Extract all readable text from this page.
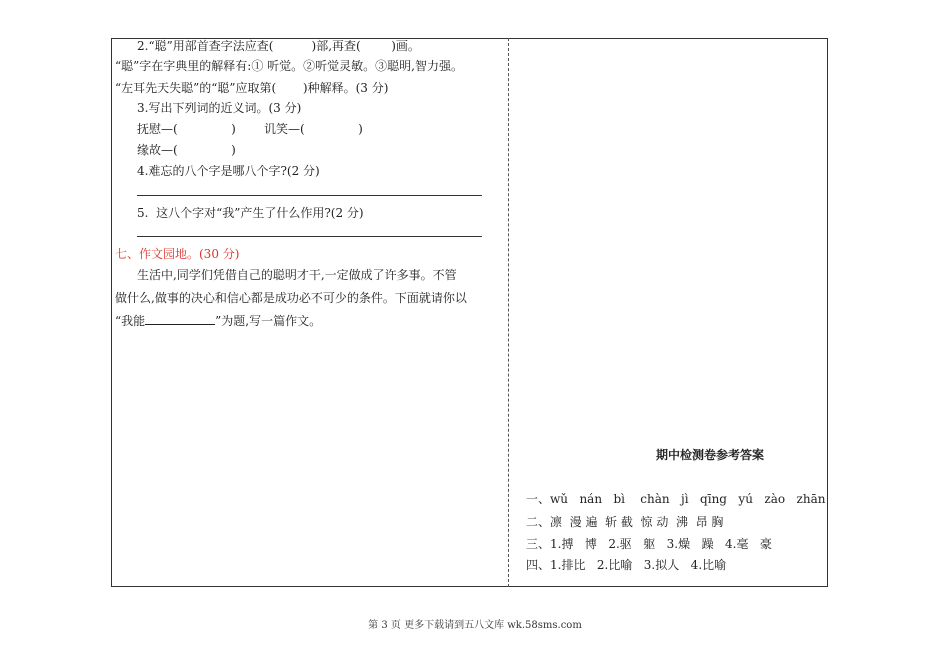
2.“聪”用部首查字法应查(          )部,再查(        )画。
“聪”字在字典里的解释有:① 听觉。②听觉灵敏。③聪明,智力强。
“左耳先天失聪”的“聪”应取第(       )种解释。(3 分)
3.写出下列词的近义词。(3 分)
抚慰—(              ) 讥笑—(              )
缘故—(              )
4.难忘的八个字是哪八个字?(2 分)
5.  这八个字对“我”产生了什么作用?(2 分)
七、作文园地。(30 分)
生活中,同学们凭借自己的聪明才干,一定做成了许多事。不管
做什么,做事的决心和信心都是成功必不可少的条件。下面就请你以
“我能	”为题,写一篇作文。
期中检测卷参考答案
一、wǔ   nán   bì    chàn   jì   qīng   yú   zào   zhān
二、凛  漫 遍  斩 截  惊 动  沸  昂 胸
三、1.搏   博   2.驱   躯   3.燥   躁   4.毫   豪
四、1.排比   2.比喻   3.拟人   4.比喻
第 3 页 更多下载请到五八文库 wk.58sms.com
